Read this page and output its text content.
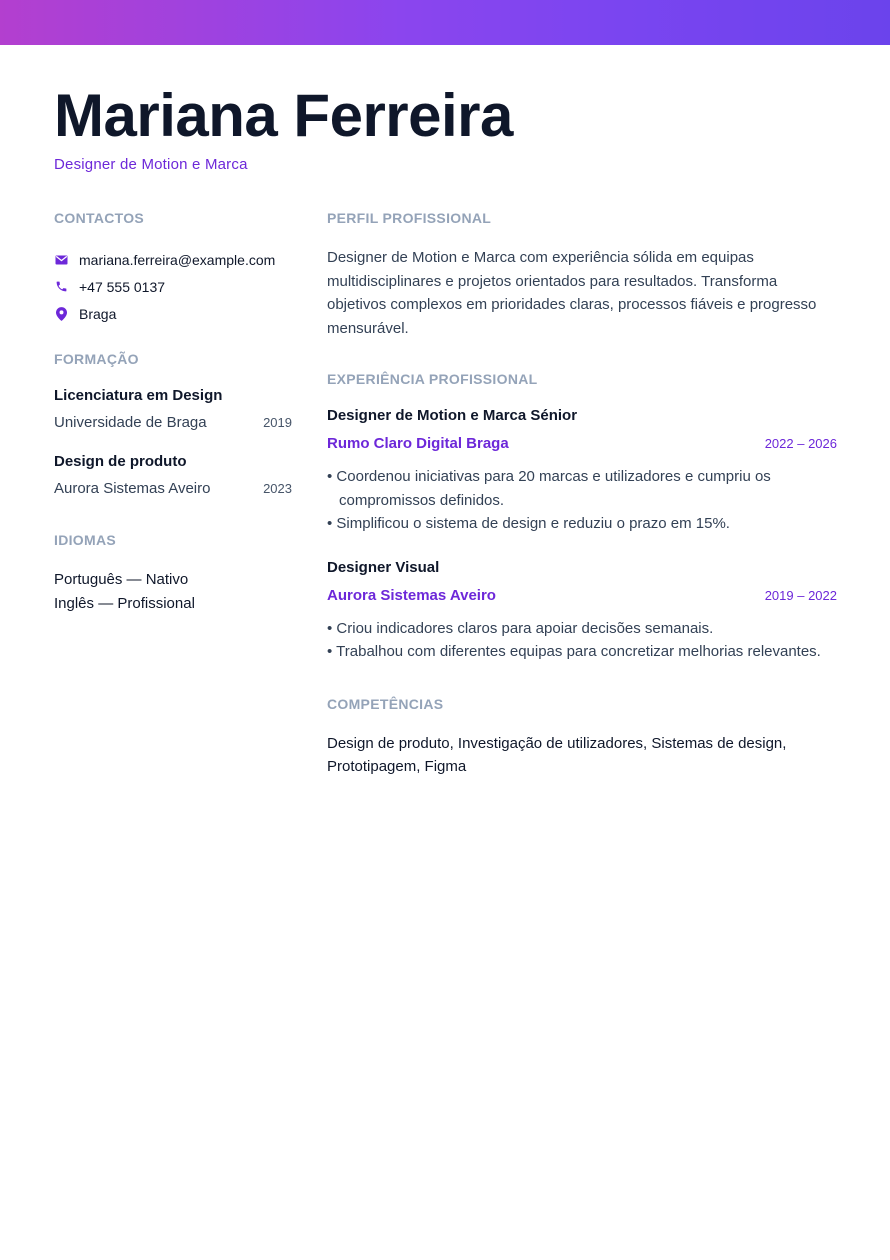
Mariana Ferreira
Designer de Motion e Marca
CONTACTOS
mariana.ferreira@example.com
+47 555 0137
Braga
FORMAÇÃO
Licenciatura em Design
Universidade de Braga	2019
Design de produto
Aurora Sistemas Aveiro	2023
IDIOMAS
Português — Nativo
Inglês — Profissional
PERFIL PROFISSIONAL

Designer de Motion e Marca com experiência sólida em equipas multidisciplinares e projetos orientados para resultados. Transforma objetivos complexos em prioridades claras, processos fiáveis e progresso mensurável.

EXPERIÊNCIA PROFISSIONAL
Designer de Motion e Marca Sénior
Rumo Claro Digital Braga	2022 – 2026
• Coordenou iniciativas para 20 marcas e utilizadores e cumpriu os compromissos definidos.
• Simplificou o sistema de design e reduziu o prazo em 15%.
Designer Visual
Aurora Sistemas Aveiro	2019 – 2022
• Criou indicadores claros para apoiar decisões semanais.
• Trabalhou com diferentes equipas para concretizar melhorias relevantes.
COMPETÊNCIAS

Design de produto, Investigação de utilizadores, Sistemas de design, Prototipagem, Figma
